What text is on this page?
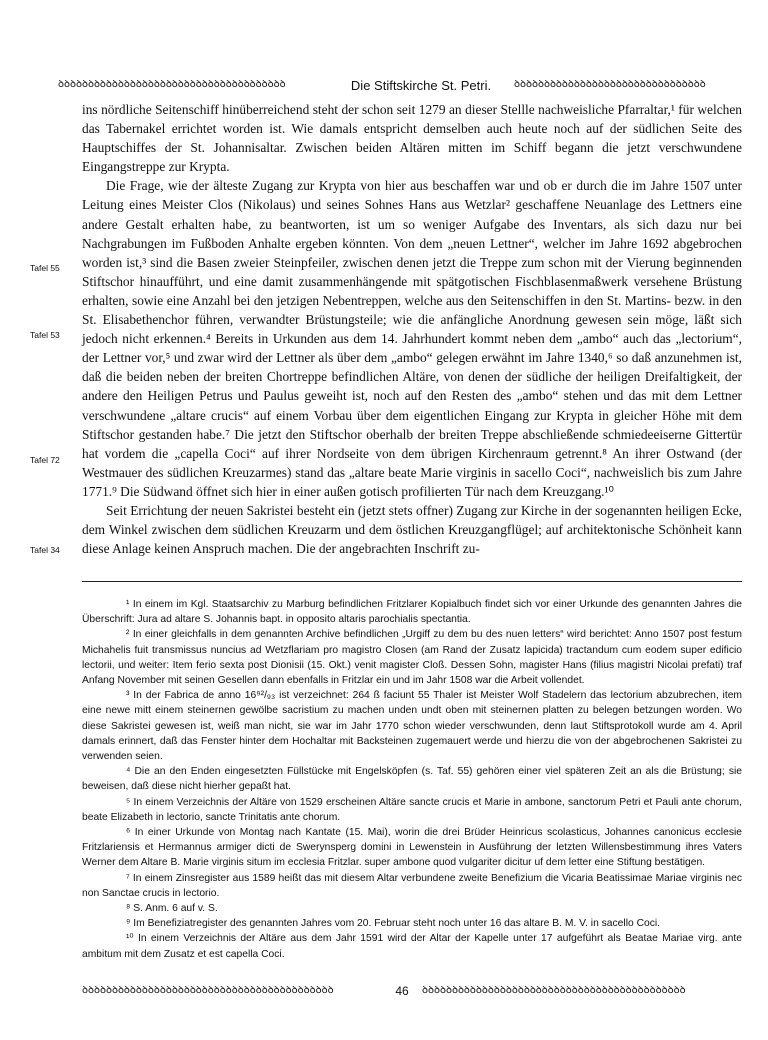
ꝺꝺꝺꝺꝺꝺꝺꝺꝺꝺꝺꝺꝺꝺꝺꝺꝺꝺꝺꝺꝺꝺꝺꝺꝺꝺꝺꝺꝺꝺꝺꝺꝺꝺꝺꝺꝺꝺ	Die Stiftskirche St. Petri.	ꝺꝺꝺꝺꝺꝺꝺꝺꝺꝺꝺꝺꝺꝺꝺꝺꝺꝺꝺꝺꝺꝺꝺꝺꝺꝺꝺꝺꝺꝺꝺꝺ
Tafel 55
Tafel 53
Tafel 72
Tafel 34

ins nördliche Seitenschiff hinüberreichend steht der schon seit 1279 an dieser Stellle nachweisliche Pfarraltar,¹ für welchen das Tabernakel errichtet worden ist. Wie damals entspricht demselben auch heute noch auf der südlichen Seite des Hauptschiffes der St. Johannisaltar. Zwischen beiden Altären mitten im Schiff begann die jetzt verschwundene Eingangstreppe zur Krypta.

Die Frage, wie der älteste Zugang zur Krypta von hier aus beschaffen war und ob er durch die im Jahre 1507 unter Leitung eines Meister Clos (Nikolaus) und seines Sohnes Hans aus Wetzlar² geschaffene Neuanlage des Lettners eine andere Gestalt erhalten habe, zu beantworten, ist um so weniger Aufgabe des Inventars, als sich dazu nur bei Nachgrabungen im Fußboden Anhalte ergeben könnten. Von dem „neuen Lettner“, welcher im Jahre 1692 abgebrochen worden ist,³ sind die Basen zweier Steinpfeiler, zwischen denen jetzt die Treppe zum schon mit der Vierung beginnenden Stiftschor hinaufführt, und eine damit zusammenhängende mit spätgotischen Fischblasenmaßwerk versehene Brüstung erhalten, sowie eine Anzahl bei den jetzigen Nebentreppen, welche aus den Seitenschiffen in den St. Martins- bezw. in den St. Elisabethenchor führen, verwandter Brüstungsteile; wie die anfängliche Anordnung gewesen sein möge, läßt sich jedoch nicht erkennen.⁴ Bereits in Urkunden aus dem 14. Jahrhundert kommt neben dem „ambo“ auch das „lectorium“, der Lettner vor,⁵ und zwar wird der Lettner als über dem „ambo“ gelegen erwähnt im Jahre 1340,⁶ so daß anzunehmen ist, daß die beiden neben der breiten Chortreppe befindlichen Altäre, von denen der südliche der heiligen Dreifaltigkeit, der andere den Heiligen Petrus und Paulus geweiht ist, noch auf den Resten des „ambo“ stehen und das mit dem Lettner verschwundene „altare crucis“ auf einem Vorbau über dem eigentlichen Eingang zur Krypta in gleicher Höhe mit dem Stiftschor gestanden habe.⁷ Die jetzt den Stiftschor oberhalb der breiten Treppe abschließende schmiedeeiserne Gittertür hat vordem die „capella Coci“ auf ihrer Nordseite von dem übrigen Kirchenraum getrennt.⁸ An ihrer Ostwand (der Westmauer des südlichen Kreuzarmes) stand das „altare beate Marie virginis in sacello Coci“, nachweislich bis zum Jahre 1771.⁹ Die Südwand öffnet sich hier in einer außen gotisch profilierten Tür nach dem Kreuzgang.¹⁰

Seit Errichtung der neuen Sakristei besteht ein (jetzt stets offner) Zugang zur Kirche in der sogenannten heiligen Ecke, dem Winkel zwischen dem südlichen Kreuzarm und dem östlichen Kreuzgangflügel; auf architektonische Schönheit kann diese Anlage keinen Anspruch machen. Die der angebrachten Inschrift zu-

¹ In einem im Kgl. Staatsarchiv zu Marburg befindlichen Fritzlarer Kopialbuch findet sich vor einer Urkunde des genannten Jahres die Überschrift: Jura ad altare S. Johannis bapt. in opposito altaris parochialis spectantia.

² In einer gleichfalls in dem genannten Archive befindlichen „Urgiff zu dem bu des nuen letters“ wird berichtet: Anno 1507 post festum Michahelis fuit transmissus nuncius ad Wetzflariam pro magistro Closen (am Rand der Zusatz lapicida) tractandum cum eodem super edificio lectorii, und weiter: Item ferio sexta post Dionisii (15. Okt.) venit magister Cloß. Dessen Sohn, magister Hans (filius magistri Nicolai prefati) traf Anfang November mit seinen Gesellen dann ebenfalls in Fritzlar ein und im Jahr 1508 war die Arbeit vollendet.

³ In der Fabrica de anno 16⁹²/₉₃ ist verzeichnet: 264 ß faciunt 55 Thaler ist Meister Wolf Stadelern das lectorium abzubrechen, item eine newe mitt einem steinernen gewölbe sacristium zu machen unden undt oben mit steinernen platten zu belegen betzungen worden. Wo diese Sakristei gewesen ist, weiß man nicht, sie war im Jahr 1770 schon wieder verschwunden, denn laut Stiftsprotokoll wurde am 4. April damals erinnert, daß das Fenster hinter dem Hochaltar mit Backsteinen zugemauert werde und hierzu die von der abgebrochenen Sakristei zu verwenden seien.

⁴ Die an den Enden eingesetzten Füllstücke mit Engelsköpfen (s. Taf. 55) gehören einer viel späteren Zeit an als die Brüstung; sie beweisen, daß diese nicht hierher gepaßt hat.

⁵ In einem Verzeichnis der Altäre von 1529 erscheinen Altäre sancte crucis et Marie in ambone, sanctorum Petri et Pauli ante chorum, beate Elizabeth in lectorio, sancte Trinitatis ante chorum.

⁶ In einer Urkunde von Montag nach Kantate (15. Mai), worin die drei Brüder Heinricus scolasticus, Johannes canonicus ecclesie Fritzlariensis et Hermannus armiger dicti de Swerynsperg domini in Lewenstein in Ausführung der letzten Willensbestimmung ihres Vaters Werner dem Altare B. Marie virginis situm im ecclesia Fritzlar. super ambone quod vulgariter dicitur uf dem letter eine Stiftung bestätigen.

⁷ In einem Zinsregister aus 1589 heißt das mit diesem Altar verbundene zweite Benefizium die Vicaria Beatissimae Mariae virginis nec non Sanctae crucis in lectorio.

⁸ S. Anm. 6 auf v. S.

⁹ Im Benefiziatregister des genannten Jahres vom 20. Februar steht noch unter 16 das altare B. M. V. in sacello Coci.

¹⁰ In einem Verzeichnis der Altäre aus dem Jahr 1591 wird der Altar der Kapelle unter 17 aufgeführt als Beatae Mariae virg. ante ambitum mit dem Zusatz et est capella Coci.

ꝺꝺꝺꝺꝺꝺꝺꝺꝺꝺꝺꝺꝺꝺꝺꝺꝺꝺꝺꝺꝺꝺꝺꝺꝺꝺꝺꝺꝺꝺꝺꝺꝺꝺꝺꝺꝺꝺꝺꝺꝺꝺ	46	ꝺꝺꝺꝺꝺꝺꝺꝺꝺꝺꝺꝺꝺꝺꝺꝺꝺꝺꝺꝺꝺꝺꝺꝺꝺꝺꝺꝺꝺꝺꝺꝺꝺꝺꝺꝺꝺꝺꝺꝺꝺꝺꝺꝺ
